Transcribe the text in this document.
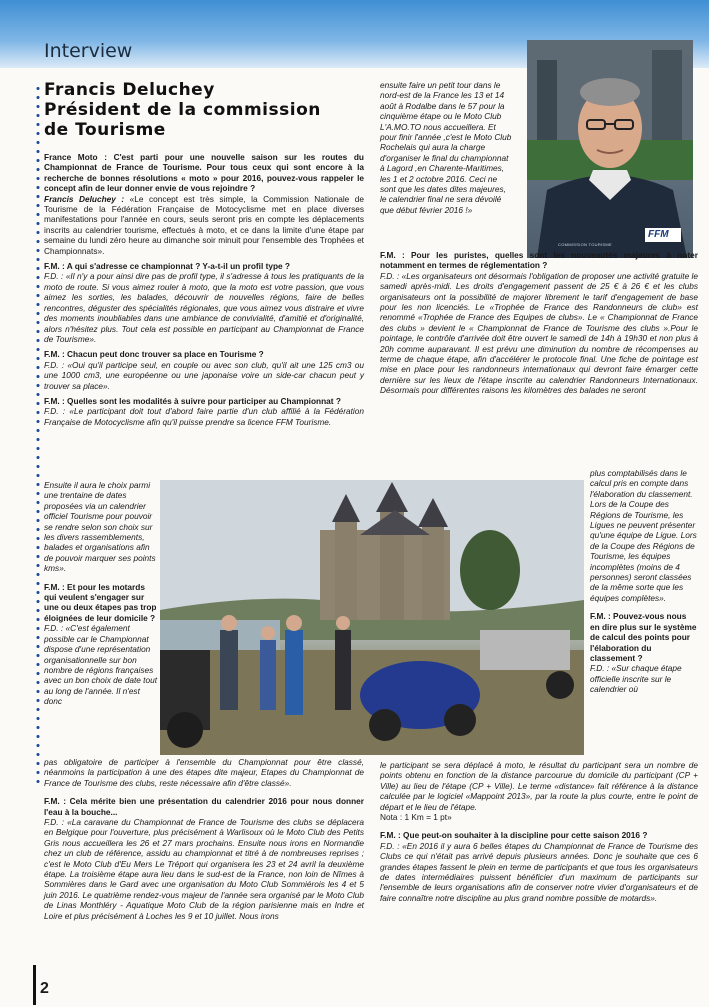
Interview
Francis Deluchey
Président de la commission
de Tourisme
FFM
COMMISSION TOURISME

France Moto : C'est parti pour une nouvelle saison sur les routes du Championnat de France de Tourisme. Pour tous ceux qui sont encore à la recherche de bonnes résolutions « moto » pour 2016, pouvez-vous rappeler le concept afin de leur donner envie de vous rejoindre ?
Francis Deluchey : «Le concept est très simple, la Commission Nationale de Tourisme de la Fédération Française de Motocyclisme met en place diverses manifestations pour l'année en cours, seuls seront pris en compte les déplacements inscrits au calendrier tourisme, effectués à moto, et ce dans la limite d'une étape par semaine du lundi zéro heure au dimanche soir minuit pour l'ensemble des Trophées et Championnats».

F.M. : A qui s'adresse ce championnat ? Y-a-t-il un profil type ?
F.D. : «Il n'y a pour ainsi dire pas de profil type, il s'adresse à tous les pratiquants de la moto de route. Si vous aimez rouler à moto, que la moto est votre passion, que vous aimez les sorties, les balades, découvrir de nouvelles régions, faire de belles rencontres, déguster des spécialités régionales, que vous aimez vous distraire et vivre des moments inoubliables dans une ambiance de convivialité, d'amitié et d'originalité, alors n'hésitez plus. Tout cela est possible en participant au Championnat de France de Tourisme».

F.M. : Chacun peut donc trouver sa place en Tourisme ?
F.D. : «Oui qu'il participe seul, en couple ou avec son club, qu'il ait une 125 cm3 ou une 1000 cm3, une européenne ou une japonaise voire un side-car chacun peut y trouver sa place».

F.M. : Quelles sont les modalités à suivre pour participer au Championnat ?
F.D. : «Le participant doit tout d'abord faire partie d'un club affilié à la Fédération Française de Motocyclisme afin qu'il puisse prendre sa licence FFM Tourisme.

Ensuite il aura le choix parmi une trentaine de dates proposées via un calendrier officiel Tourisme pour pouvoir se rendre selon son choix sur les divers rassemblements, balades et organisations afin de pouvoir marquer ses points kms».

F.M. : Et pour les motards qui veulent s'engager sur une ou deux étapes pas trop éloignées de leur domicile ?
F.D. : «C'est également possible car le Championnat dispose d'une représentation organisationnelle sur bon nombre de régions françaises avec un bon choix de date tout au long de l'année. Il n'est donc

ensuite faire un petit tour dans le nord-est de la France les 13 et 14 août à Rodalbe dans le 57 pour la cinquième étape ou le Moto Club L'A.MO.TO nous accueillera. Et pour finir l'année ,c'est le Moto Club Rochelais qui aura la charge d'organiser le final du championnat à Lagord ,en Charente-Maritimes, les 1 et 2 octobre 2016. Ceci ne sont que les dates dites majeures, le calendrier final ne sera dévoilé que début février 2016 !»

F.M. : Pour les puristes, quelles sont les nouveautés majeures à noter notamment en termes de réglementation ?
F.D. : «Les organisateurs ont désormais l'obligation de proposer une activité gratuite le samedi après-midi. Les droits d'engagement passent de 25 € à 26 € et les clubs organisateurs ont la possibilité de majorer librement le tarif d'engagement de base pour les non licenciés. Le «Trophée de France des Randonneurs de club» est renommé «Trophée de France des Equipes de clubs». Le « Championnat de France des clubs » devient le « Championnat de France de Tourisme des clubs ».Pour le pointage, le contrôle d'arrivée doit être ouvert le samedi de 14h à 19h30 et non plus à 20h comme auparavant. Il est prévu une diminution du nombre de récompenses au terme de chaque étape, afin d'accélérer le protocole final. Une fiche de pointage est mise en place pour les randonneurs internationaux qui devront faire émarger cette dernière sur les lieux de l'étape inscrite au calendrier Randonneurs Internationaux. Désormais pour différentes raisons les kilomètres des balades ne seront

plus comptabilisés dans le calcul pris en compte dans l'élaboration du classement. Lors de la Coupe des Régions de Tourisme, les Ligues ne peuvent présenter qu'une équipe de Ligue. Lors de la Coupe des Régions de Tourisme, les équipes incomplètes (moins de 4 personnes) seront classées de la même sorte que les équipes complètes».

F.M. : Pouvez-vous nous en dire plus sur le système de calcul des points pour l'élaboration du classement ?
F.D. : «Sur chaque étape officielle inscrite sur le calendrier où

pas obligatoire de participer à l'ensemble du Championnat pour être classé, néanmoins la participation à une des étapes dite majeur, Etapes du Championnat de France de Tourisme des clubs, reste nécessaire afin d'être classé».

F.M. : Cela mérite bien une présentation du calendrier 2016 pour nous donner l'eau à la bouche...
F.D. : «La caravane du Championnat de France de Tourisme des clubs se déplacera en Belgique pour l'ouverture, plus précisément à Warlisoux où le Moto Club des Petits Gris nous accueillera les 26 et 27 mars prochains. Ensuite nous irons en Normandie chez un club de référence, assidu au championnat et titré à de nombreuses reprises ; c'est le Moto Club d'Eu Mers Le Tréport qui organisera les 23 et 24 avril la deuxième étape. La troisième étape aura lieu dans le sud-est de la France, non loin de Nîmes à Sommières dans le Gard avec une organisation du Moto Club Sommiérois les 4 et 5 juin 2016. Le quatrième rendez-vous majeur de l'année sera organisé par le Moto Club de Linas Monthléry - Aquatique Moto Club de la région parisienne mais en Indre et Loire et plus précisément à Loches les 9 et 10 juillet. Nous irons

le participant se sera déplacé à moto, le résultat du participant sera un nombre de points obtenu en fonction de la distance parcourue du domicile du participant (CP + Ville) au lieu de l'étape (CP + Ville). Le terme «distance» fait référence à la distance calculée par le logiciel «Mappoint 2013», par la route la plus courte, entre le point de départ et le lieu de l'étape.
Nota : 1 Km = 1 pt»

F.M. : Que peut-on souhaiter à la discipline pour cette saison 2016 ?
F.D. : «En 2016 il y aura 6 belles étapes du Championnat de France de Tourisme des Clubs ce qui n'était pas arrivé depuis plusieurs années. Donc je souhaite que ces 6 grandes étapes fassent le plein en terme de participants et que tous les organisateurs de dates intermédiaires puissent bénéficier d'un maximum de participants sur l'ensemble de leurs organisations afin de conserver notre vivier d'organisateurs et de faire connaître notre discipline au plus grand nombre possible de motards».

2
